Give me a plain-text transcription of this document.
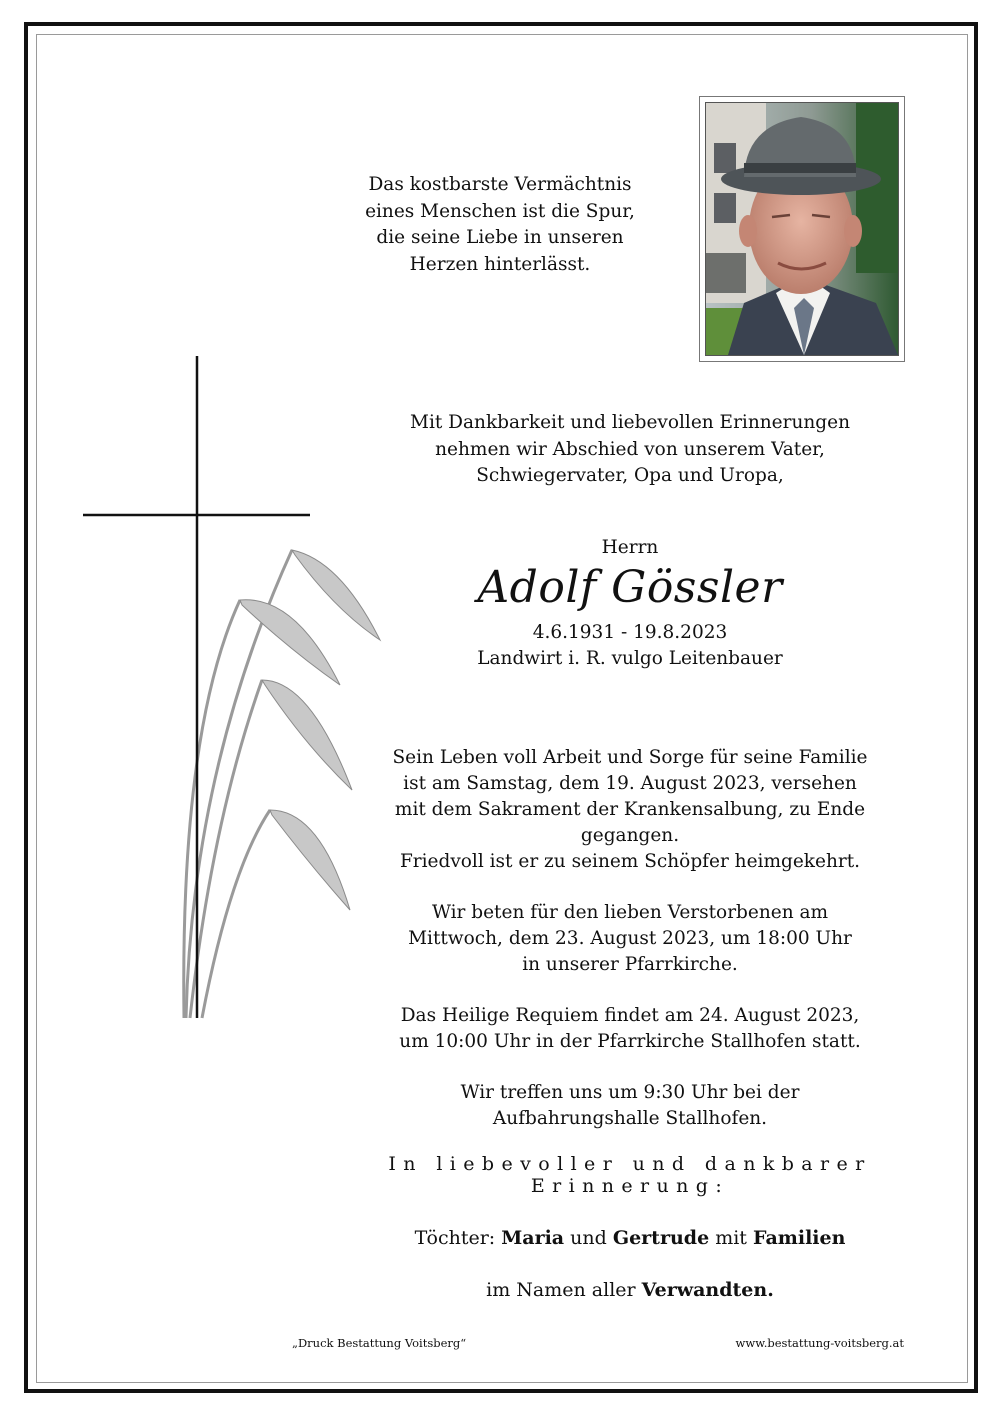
Das kostbarste Vermächtnis
eines Menschen ist die Spur,
die seine Liebe in unseren
Herzen hinterlässt.
Mit Dankbarkeit und liebevollen Erinnerungen
nehmen wir Abschied von unserem Vater,
Schwiegervater, Opa und Uropa,
Herrn
Adolf Gössler
4.6.1931 - 19.8.2023
Landwirt i. R. vulgo Leitenbauer

Sein Leben voll Arbeit und Sorge für seine Familie
ist am Samstag, dem 19. August 2023, versehen
mit dem Sakrament der Krankensalbung, zu Ende gegangen.
Friedvoll ist er zu seinem Schöpfer heimgekehrt.

Wir beten für den lieben Verstorbenen am
Mittwoch, dem 23. August 2023, um 18:00 Uhr
in unserer Pfarrkirche.

Das Heilige Requiem findet am 24. August 2023,
um 10:00 Uhr in der Pfarrkirche Stallhofen statt.

Wir treffen uns um 9:30 Uhr bei der
Aufbahrungshalle Stallhofen.

In liebevoller und dankbarer Erinnerung:
Töchter: Maria und Gertrude mit Familien
im Namen aller Verwandten.
„Druck Bestattung Voitsberg“	www.bestattung-voitsberg.at
